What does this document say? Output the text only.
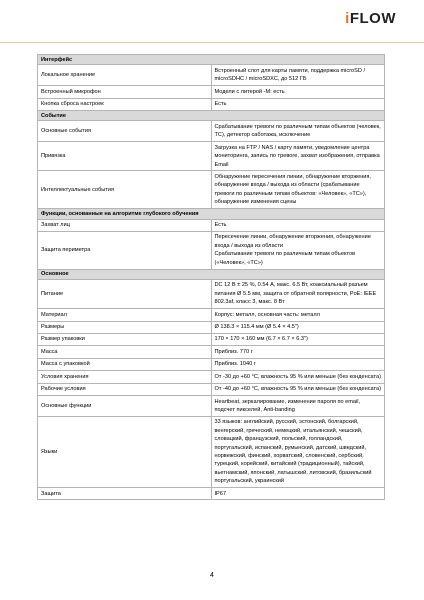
iFLOW
Интерфейс	
Локальное хранение	Встроенный слот для карты памяти, поддержка microSD / microSDHC / microSDXC, до 512 ГБ

Встроенный микрофон	Модели с литерой -M: есть

Кнопка сброса настроек	Есть

Событие	
Основные события	Срабатывание тревоги по различным типам объектов (человек, ТС), детектор саботажа, исключение

Привязка	Загрузка на FTP / NAS / карту памяти, уведомление центра мониторинга, запись по тревоге, захват изображения, отправка Email

Интеллектуальные события	Обнаружение пересечения линии, обнаружение вторжения, обнаружение входа / выхода из области (срабатывание тревоги по различным типам объектов: «Человек», «ТС»),
обнаружение изменения сцены

Функции, основанные на алгоритме глубокого обучения	
Захват лиц	Есть

Защита периметра	Пересечение линии, обнаружение вторжения, обнаружение входа / выхода из области
Срабатывание тревоги по различным типам объектов («Человек», «ТС»)

Основное	
Питание	DC 12 В ± 25 %, 0.54 А, макс. 6.5 Вт, коаксиальный разъем питания Ø 5.5 мм, защита от обратной полярности, PoE: IEEE 802.3af, класс 3, макс. 8 Вт

Материал	Корпус: металл, основная часть: металл

Размеры	Ø 138.3 × 115.4 мм (Ø 5.4 × 4.5")

Размер упаковки	170 × 170 × 160 мм (6.7 × 6.7 × 6.3")

Масса	Приблиз. 770 г

Масса с упаковкой	Приблиз. 1040 г

Условия хранения	От -30 до +60 °C, влажность 95 % или меньше (без конденсата)

Рабочие условия	От -40 до +60 °C, влажность 95 % или меньше (без конденсата)

Основные функции	Heartbeat, зеркалирование, изменение пароля по email, подсчет пикселей, Anti-banding

Языки	33 языков: английский, русский, эстонский, болгарский, венгерский, греческий, немецкий, итальянский, чешский, словацкий, французский, польский, голландский, португальский, испанский, румынский, датский, шведский, норвежский, финский, хорватский, словенский, сербский, турецкий, корейский, китайский (традиционный), тайский, вьетнамский, японский, латышский, литовский, бразильский португальский, украинский

Защита	IP67
4
